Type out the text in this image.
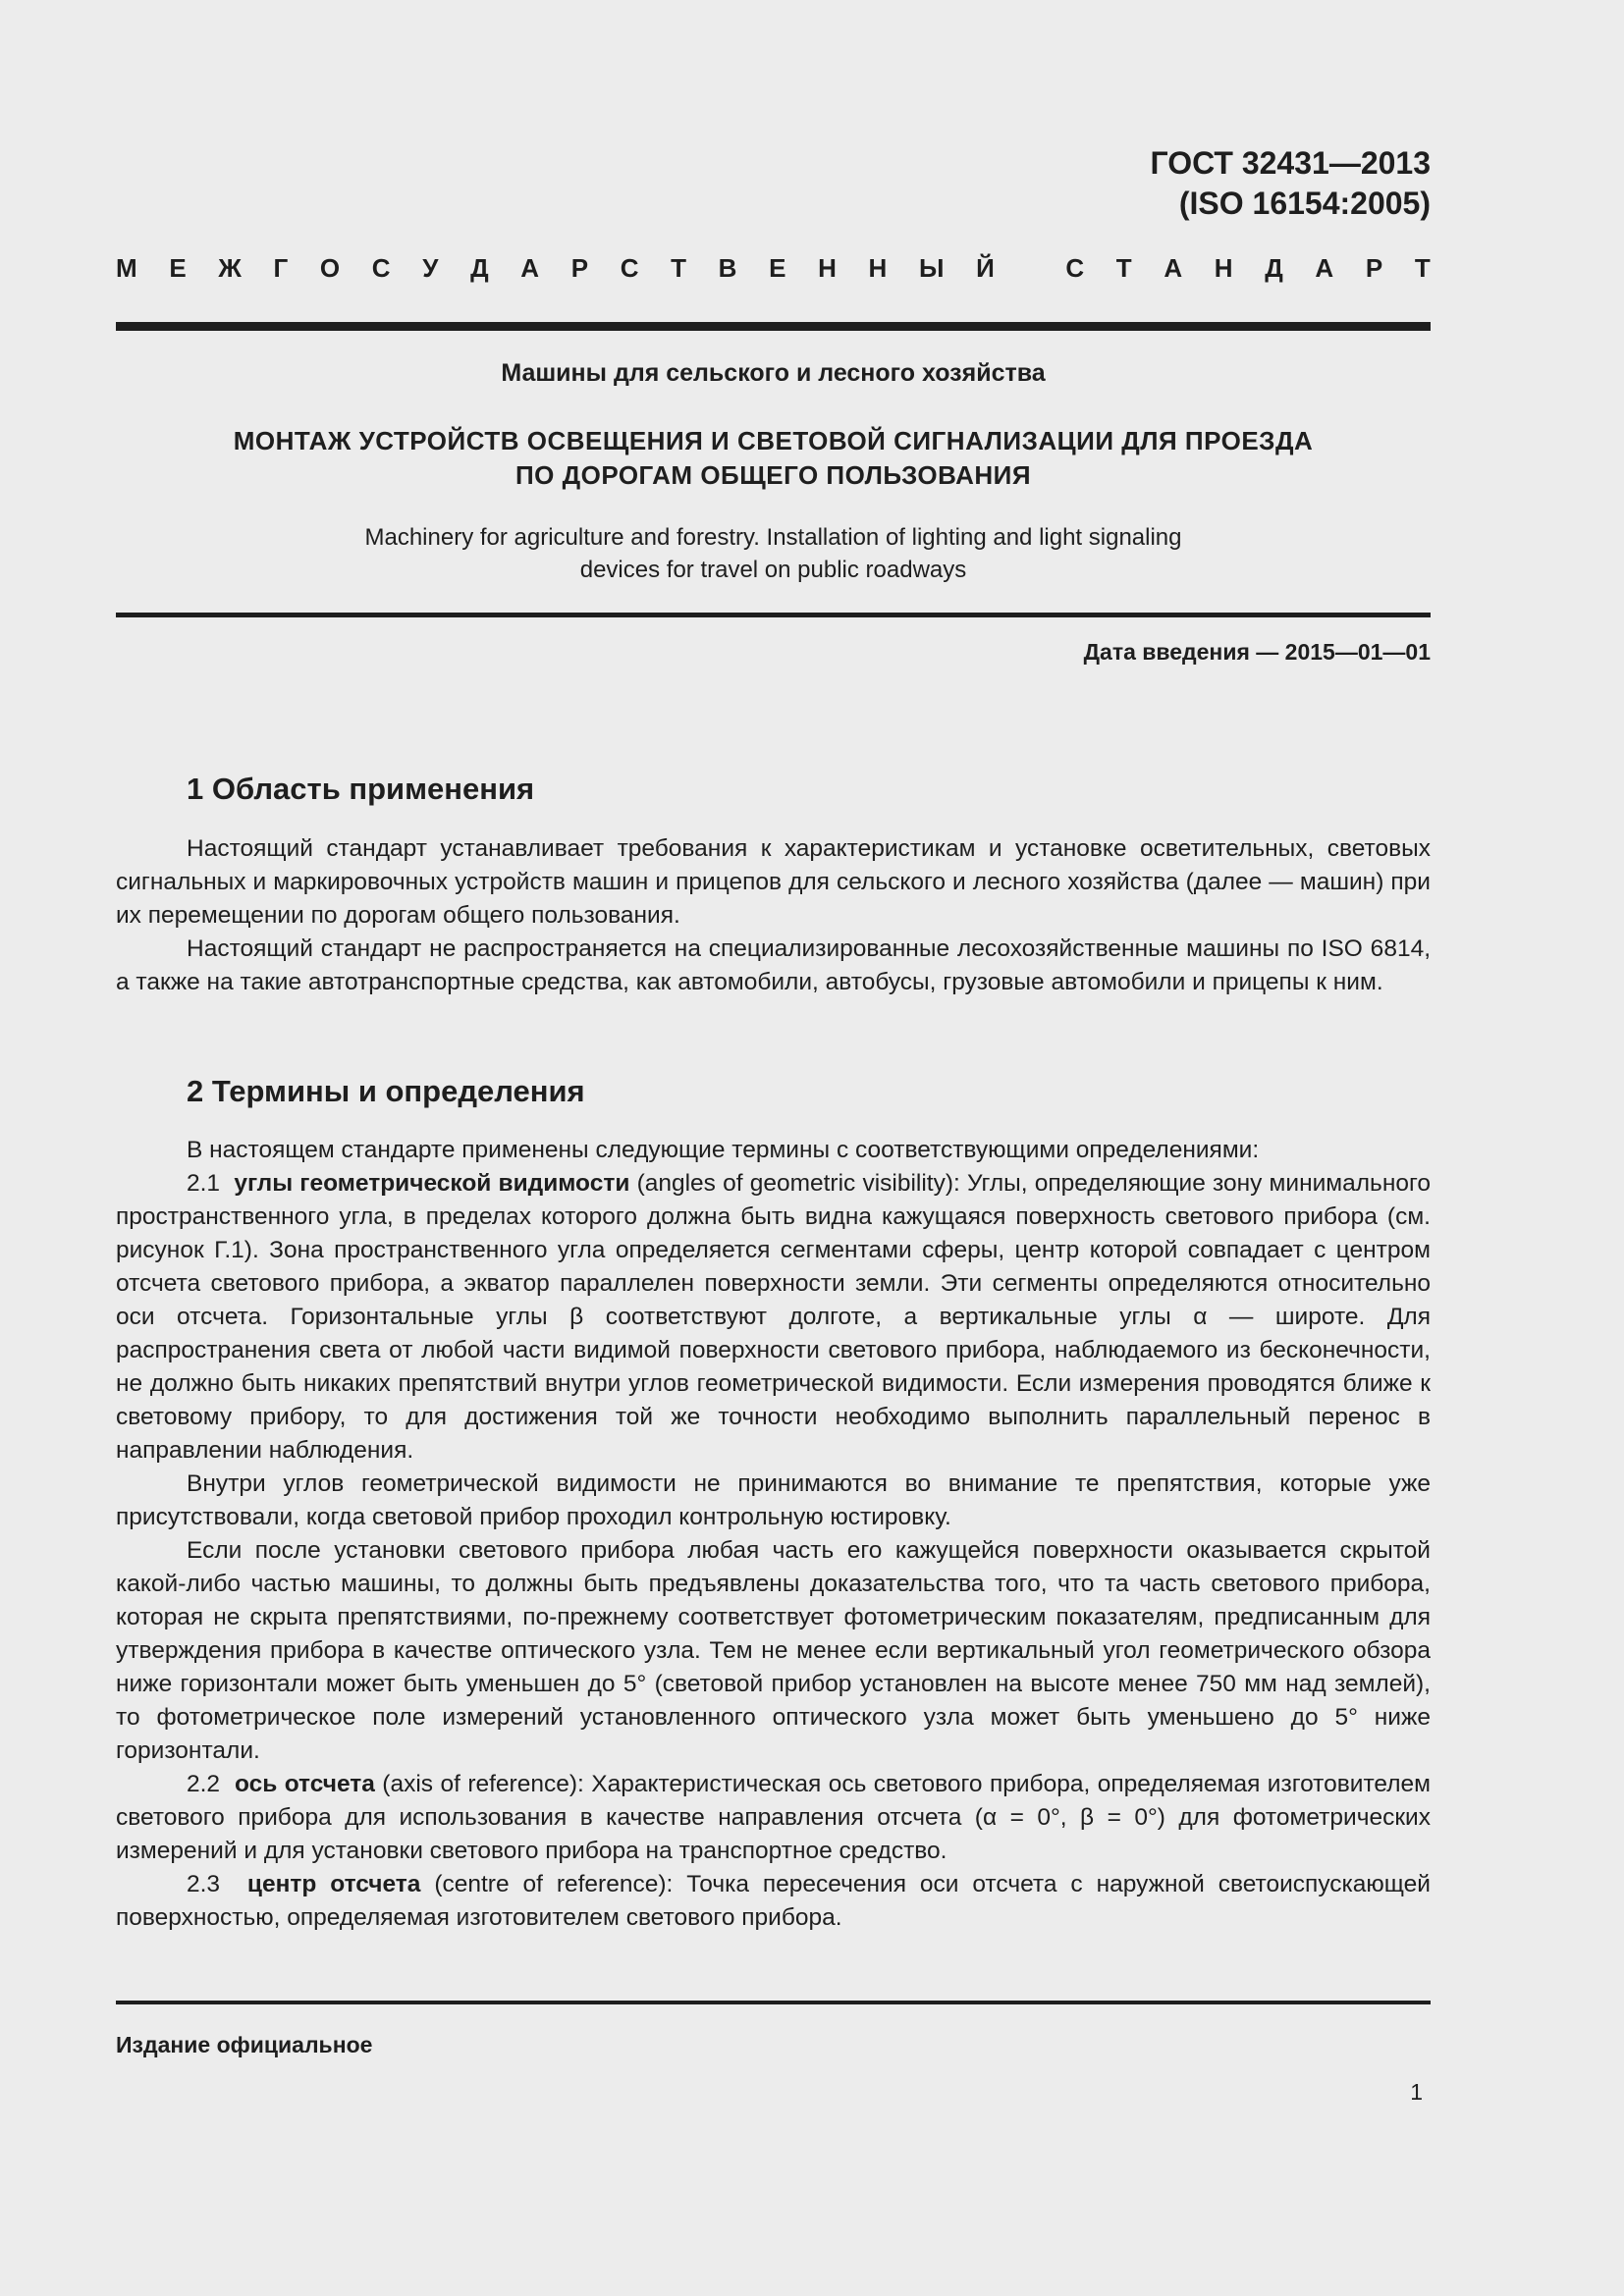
ГОСТ 32431—2013
(ISO 16154:2005)
М Е Ж Г О С У Д А Р С Т В Е Н Н Ы Й
	С Т А Н Д А Р Т
Машины для сельского и лесного хозяйства
МОНТАЖ УСТРОЙСТВ ОСВЕЩЕНИЯ И СВЕТОВОЙ СИГНАЛИЗАЦИИ ДЛЯ ПРОЕЗДА
ПО ДОРОГАМ ОБЩЕГО ПОЛЬЗОВАНИЯ
Machinery for agriculture and forestry. Installation of lighting and light signaling
devices for travel on public roadways
Дата введения — 2015—01—01
1 Область применения

Настоящий стандарт устанавливает требования к характеристикам и установке осветительных, световых сигнальных и маркировочных устройств машин и прицепов для сельского и лесного хозяйства (далее — машин) при их перемещении по дорогам общего пользования.

Настоящий стандарт не распространяется на специализированные лесохозяйственные машины по ISO 6814, а также на такие автотранспортные средства, как автомобили, автобусы, грузовые автомобили и прицепы к ним.

2 Термины и определения

В настоящем стандарте применены следующие термины с соответствующими определениями:

2.1 углы геометрической видимости (angles of geometric visibility): Углы, определяющие зону минимального пространственного угла, в пределах которого должна быть видна кажущаяся поверхность светового прибора (см. рисунок Г.1). Зона пространственного угла определяется сегментами сферы, центр которой совпадает с центром отсчета светового прибора, а экватор параллелен поверхности земли. Эти сегменты определяются относительно оси отсчета. Горизонтальные углы β соответствуют долготе, а вертикальные углы α — широте. Для распространения света от любой части видимой поверхности светового прибора, наблюдаемого из бесконечности, не должно быть никаких препятствий внутри углов геометрической видимости. Если измерения проводятся ближе к световому прибору, то для достижения той же точности необходимо выполнить параллельный перенос в направлении наблюдения.

Внутри углов геометрической видимости не принимаются во внимание те препятствия, которые уже присутствовали, когда световой прибор проходил контрольную юстировку.

Если после установки светового прибора любая часть его кажущейся поверхности оказывается скрытой какой-либо частью машины, то должны быть предъявлены доказательства того, что та часть светового прибора, которая не скрыта препятствиями, по-прежнему соответствует фотометрическим показателям, предписанным для утверждения прибора в качестве оптического узла. Тем не менее если вертикальный угол геометрического обзора ниже горизонтали может быть уменьшен до 5° (световой прибор установлен на высоте менее 750 мм над землей), то фотометрическое поле измерений установленного оптического узла может быть уменьшено до 5° ниже горизонтали.

2.2 ось отсчета (axis of reference): Характеристическая ось светового прибора, определяемая изготовителем светового прибора для использования в качестве направления отсчета (α = 0°, β = 0°) для фотометрических измерений и для установки светового прибора на транспортное средство.

2.3 центр отсчета (centre of reference): Точка пересечения оси отсчета с наружной светоиспускающей поверхностью, определяемая изготовителем светового прибора.

Издание официальное
1
